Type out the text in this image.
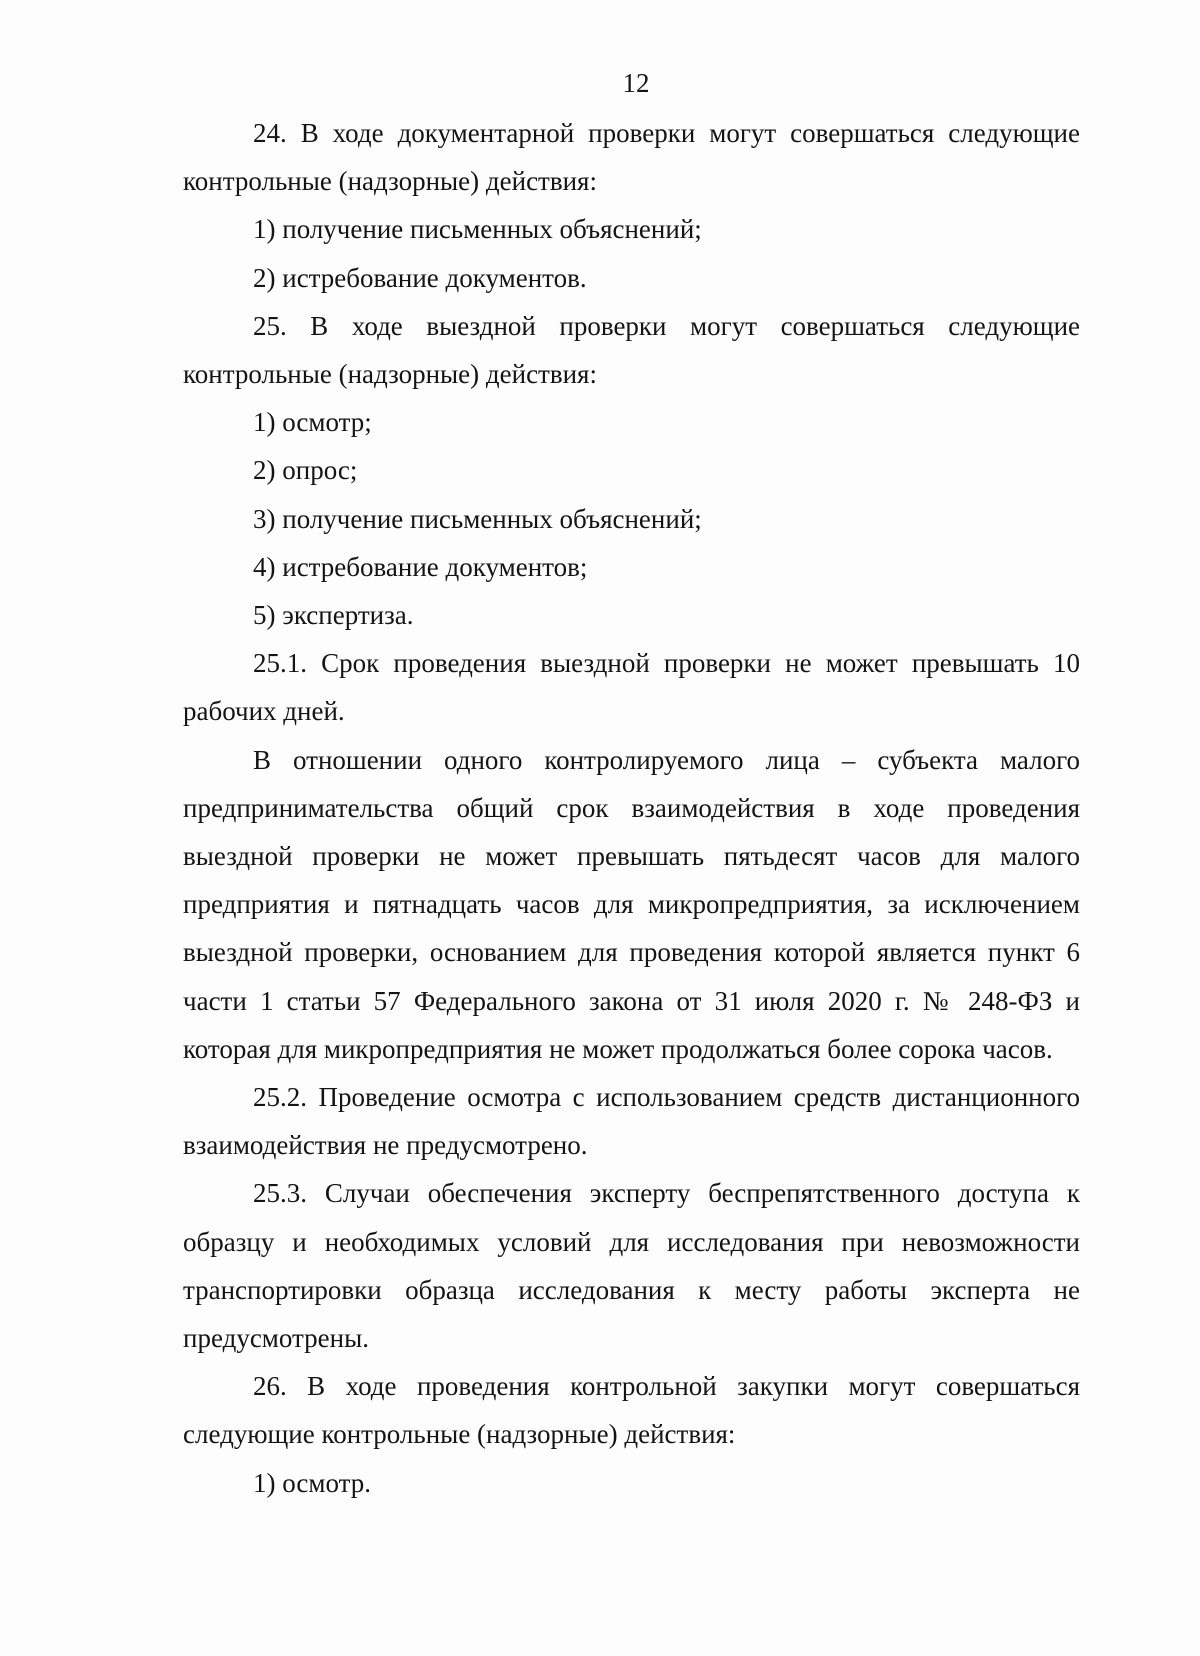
12

24. В ходе документарной проверки могут совершаться следующие контрольные (надзорные) действия:

1) получение письменных объяснений;

2) истребование документов.

25. В ходе выездной проверки могут совершаться следующие контрольные (надзорные) действия:

1) осмотр;

2) опрос;

3) получение письменных объяснений;

4) истребование документов;

5) экспертиза.

25.1. Срок проведения выездной проверки не может превышать 10 рабочих дней.

В отношении одного контролируемого лица – субъекта малого предпринимательства общий срок взаимодействия в ходе проведения выездной проверки не может превышать пятьдесят часов для малого предприятия и пятнадцать часов для микропредприятия, за исключением выездной проверки, основанием для проведения которой является пункт 6 части 1 статьи 57 Федерального закона от 31 июля 2020 г. № 248-ФЗ и которая для микропредприятия не может продолжаться более сорока часов.

25.2. Проведение осмотра с использованием средств дистанционного взаимодействия не предусмотрено.

25.3. Случаи обеспечения эксперту беспрепятственного доступа к образцу и необходимых условий для исследования при невозможности транспортировки образца исследования к месту работы эксперта не предусмотрены.

26. В ходе проведения контрольной закупки могут совершаться следующие контрольные (надзорные) действия:

1) осмотр.
